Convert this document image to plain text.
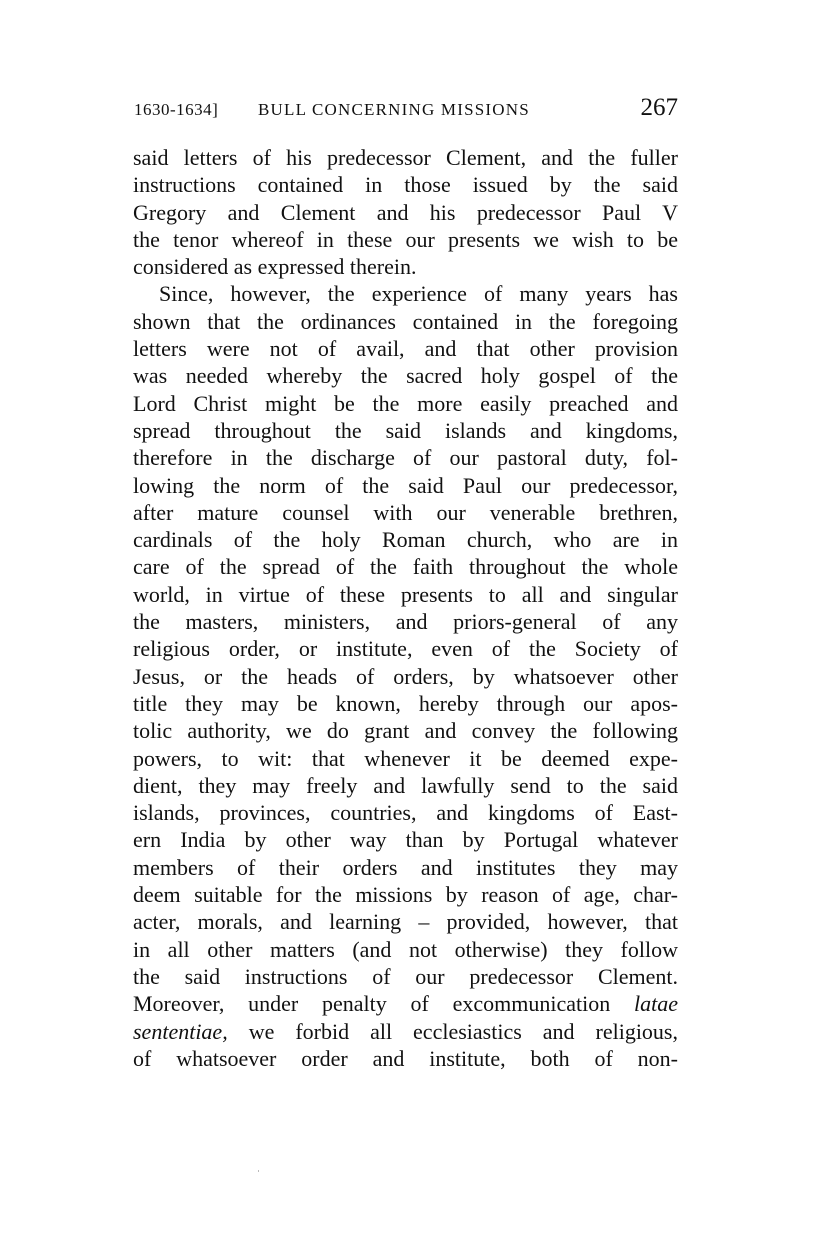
1630-1634] BULL CONCERNING MISSIONS	267
said letters of his predecessor Clement, and the fuller
instructions contained in those issued by the said
Gregory and Clement and his predecessor Paul V
the tenor whereof in these our presents we wish to be
considered as expressed therein.
Since, however, the experience of many years has
shown that the ordinances contained in the foregoing
letters were not of avail, and that other provision
was needed whereby the sacred holy gospel of the
Lord Christ might be the more easily preached and
spread throughout the said islands and kingdoms,
therefore in the discharge of our pastoral duty, fol-
lowing the norm of the said Paul our predecessor,
after mature counsel with our venerable brethren,
cardinals of the holy Roman church, who are in
care of the spread of the faith throughout the whole
world, in virtue of these presents to all and singular
the masters, ministers, and priors-general of any
religious order, or institute, even of the Society of
Jesus, or the heads of orders, by whatsoever other
title they may be known, hereby through our apos-
tolic authority, we do grant and convey the following
powers, to wit: that whenever it be deemed expe-
dient, they may freely and lawfully send to the said
islands, provinces, countries, and kingdoms of East-
ern India by other way than by Portugal whatever
members of their orders and institutes they may
deem suitable for the missions by reason of age, char-
acter, morals, and learning – provided, however, that
in all other matters (and not otherwise) they follow
the said instructions of our predecessor Clement.
Moreover, under penalty of excommunication latae
sententiae, we forbid all ecclesiastics and religious,
of whatsoever order and institute, both of non-
